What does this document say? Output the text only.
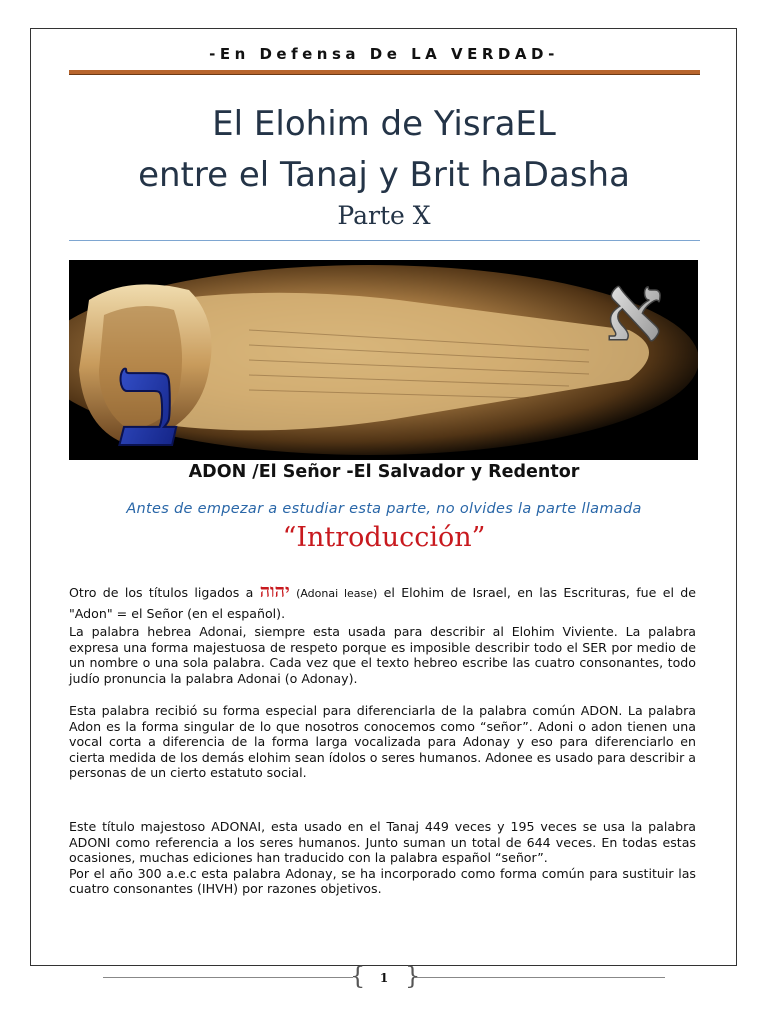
-En Defensa De LA VERDAD-
El Elohim de YisraEL
entre el Tanaj y Brit haDasha
Parte X
ב
א
ADON /El Señor -El Salvador y Redentor
Antes de empezar a estudiar esta parte, no olvides la parte llamada
“Introducción”

Otro de los títulos ligados a יהוה (Adonai lease) el Elohim de Israel, en las Escrituras, fue el de "Adon" = el Señor (en el español).

La palabra hebrea Adonai, siempre esta usada para describir al Elohim Viviente. La palabra expresa una forma majestuosa de respeto porque es imposible describir todo el SER por medio de un nombre o una sola palabra. Cada vez que el texto hebreo escribe las cuatro consonantes, todo judío pronuncia la palabra Adonai (o Adonay).

Esta palabra recibió su forma especial para diferenciarla de la palabra común ADON. La palabra Adon es la forma singular de lo que nosotros conocemos como “señor”. Adoni o adon tienen una vocal corta a diferencia de la forma larga vocalizada para Adonay y eso para diferenciarlo en cierta medida de los demás elohim sean ídolos o seres humanos. Adonee es usado para describir a personas de un cierto estatuto social.

Este título majestoso ADONAI, esta usado en el Tanaj 449 veces y 195 veces se usa la palabra ADONI como referencia a los seres humanos. Junto suman un total de 644 veces. En todas estas ocasiones, muchas ediciones han traducido con la palabra español “señor”.

Por el año 300 a.e.c esta palabra Adonay, se ha incorporado como forma común para sustituir las cuatro consonantes (IHVH) por razones objetivos.

{ }
1
